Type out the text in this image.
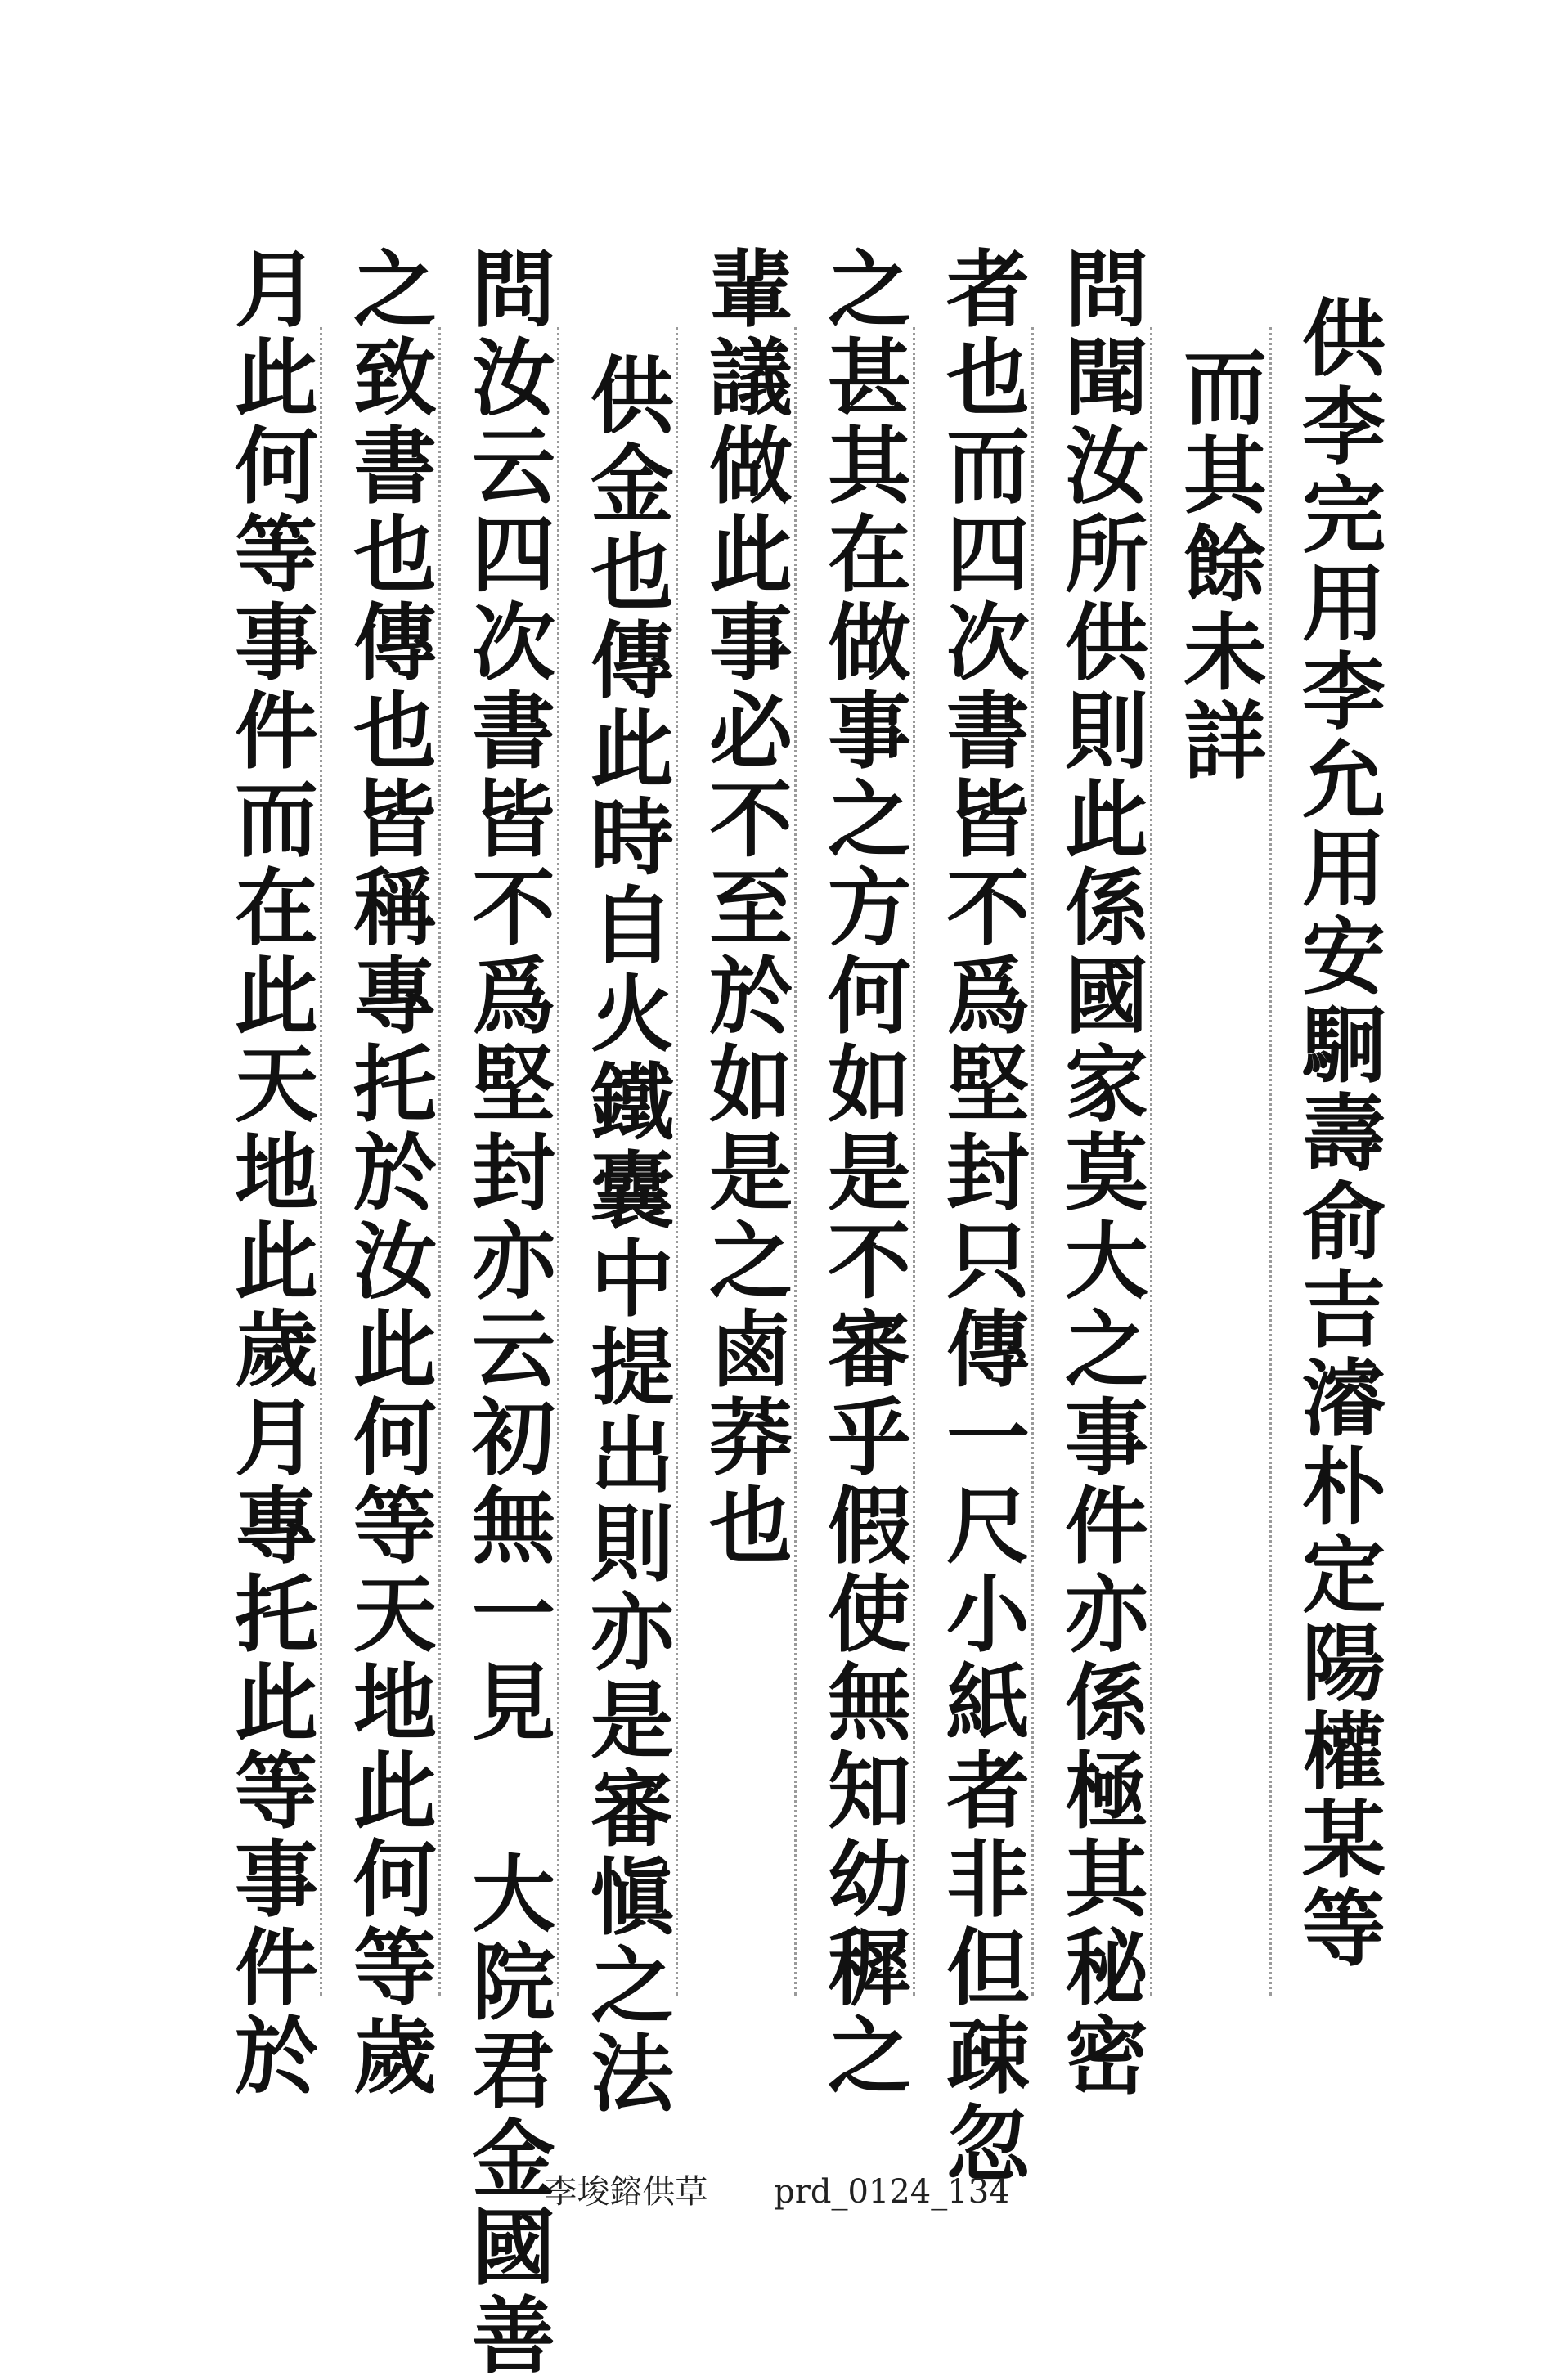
供李完用李允用安駉壽俞吉濬朴定陽權某等
而其餘未詳
問聞汝所供則此係國家莫大之事件亦係極其秘密
者也而四次書皆不爲堅封只傳一尺小紙者非但疎忽
之甚其在做事之方何如是不審乎假使無知幼穉之
輩議做此事必不至於如是之鹵莽也
供金也傳此時自火鐵囊中提出則亦是審愼之法
問汝云四次書皆不爲堅封亦云初無一見 大院君金國善
之致書也傳也皆稱專托於汝此何等天地此何等歲
月此何等事件而在此天地此歲月專托此等事件於
李埈鎔供草 prd_0124_134
